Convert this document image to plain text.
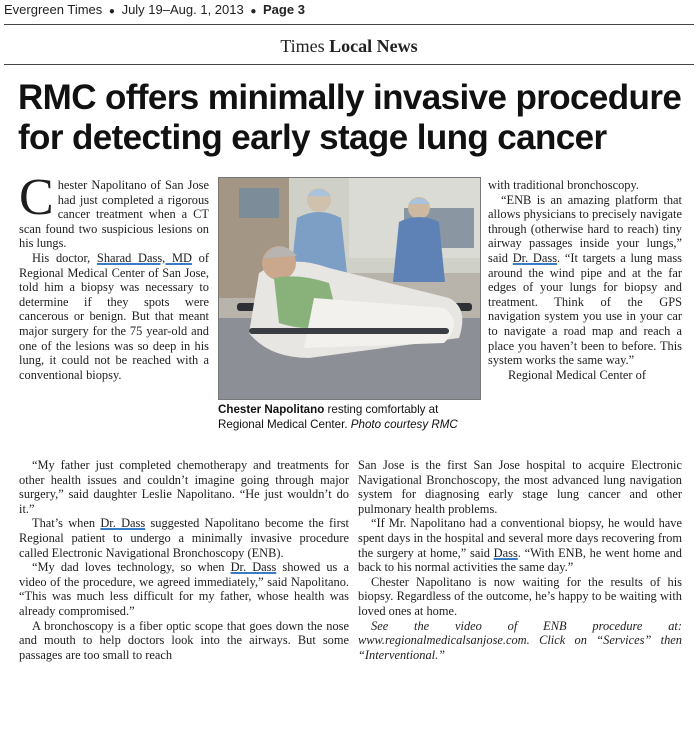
Evergreen Times ● July 19–Aug. 1, 2013 ● Page 3
Times Local News
RMC offers minimally invasive procedure
for detecting early stage lung cancer

Chester Napolitano of San Jose had just completed a rigorous cancer treatment when a CT scan found two suspicious lesions on his lungs.

His doctor, Sharad Dass, MD of Regional Medical Center of San Jose, told him a biopsy was necessary to determine if they spots were cancerous or benign. But that meant major surgery for the 75 year-old and one of the lesions was so deep in his lung, it could not be reached with a conventional biopsy.

Chester Napolitano resting comfortably at Regional Medical Center. Photo courtesy RMC

with traditional bronchoscopy.

“ENB is an amazing platform that allows physicians to precisely navigate through (otherwise hard to reach) tiny airway passages inside your lungs,” said Dr. Dass. “It targets a lung mass around the wind pipe and at the far edges of your lungs for biopsy and treatment. Think of the GPS navigation system you use in your car to navigate a road map and reach a place you haven’t been to before. This system works the same way.”

Regional Medical Center of

“My father just completed chemotherapy and treatments for other health issues and couldn’t imagine going through major surgery,” said daughter Leslie Napolitano. “He just wouldn’t do it.”

That’s when Dr. Dass suggested Napolitano become the first Regional patient to undergo a minimally invasive procedure called Electronic Navigational Bronchoscopy (ENB).

“My dad loves technology, so when Dr. Dass showed us a video of the procedure, we agreed immediately,” said Napolitano. “This was much less difficult for my father, whose health was already compromised.”

A bronchoscopy is a fiber optic scope that goes down the nose and mouth to help doctors look into the airways. But some passages are too small to reach

San Jose is the first San Jose hospital to acquire Electronic Navigational Bronchoscopy, the most advanced lung navigation system for diagnosing early stage lung cancer and other pulmonary health problems.

“If Mr. Napolitano had a conventional biopsy, he would have spent days in the hospital and several more days recovering from the surgery at home,” said Dass. “With ENB, he went home and back to his normal activities the same day.”

Chester Napolitano is now waiting for the results of his biopsy. Regardless of the outcome, he’s happy to be waiting with loved ones at home.

See the video of ENB procedure at: www.regionalmedicalsanjose.com. Click on “Services” then “Interventional.”
